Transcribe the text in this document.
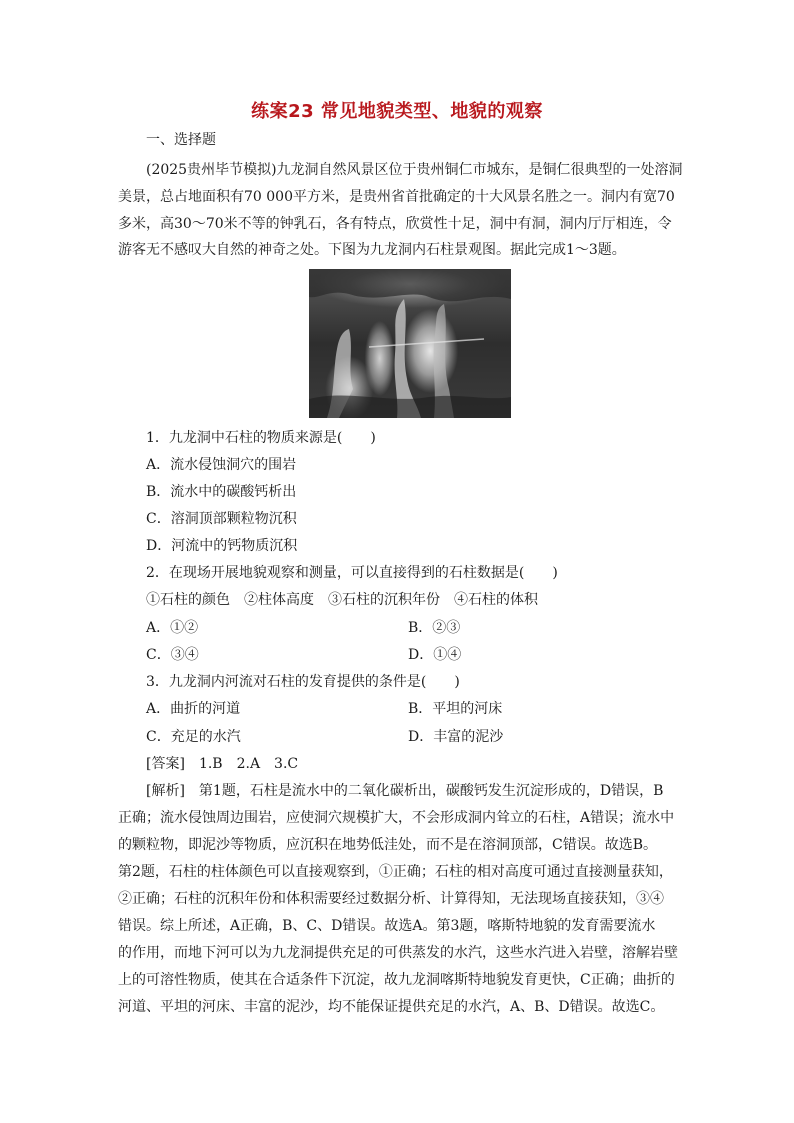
练案23 常见地貌类型、地貌的观察
一、选择题
(2025贵州毕节模拟)九龙洞自然风景区位于贵州铜仁市城东，是铜仁很典型的一处溶洞
美景，总占地面积有70 000平方米，是贵州省首批确定的十大风景名胜之一。洞内有宽70
多米，高30～70米不等的钟乳石，各有特点，欣赏性十足，洞中有洞，洞内厅厅相连，令
游客无不感叹大自然的神奇之处。下图为九龙洞内石柱景观图。据此完成1～3题。
1．九龙洞中石柱的物质来源是(　　)
A．流水侵蚀洞穴的围岩
B．流水中的碳酸钙析出
C．溶洞顶部颗粒物沉积
D．河流中的钙物质沉积
2．在现场开展地貌观察和测量，可以直接得到的石柱数据是(　　)
①石柱的颜色　②柱体高度　③石柱的沉积年份　④石柱的体积
A．①②	B．②③
C．③④	D．①④
3．九龙洞内河流对石柱的发育提供的条件是(　　)
A．曲折的河道	B．平坦的河床
C．充足的水汽	D．丰富的泥沙
[答案]　 1.B　2.A　3.C
[解析]　第1题，石柱是流水中的二氧化碳析出，碳酸钙发生沉淀形成的，D错误，B
正确；流水侵蚀周边围岩，应使洞穴规模扩大，不会形成洞内耸立的石柱，A错误；流水中
的颗粒物，即泥沙等物质，应沉积在地势低洼处，而不是在溶洞顶部，C错误。故选B。
第2题，石柱的柱体颜色可以直接观察到，①正确；石柱的相对高度可通过直接测量获知，
②正确；石柱的沉积年份和体积需要经过数据分析、计算得知，无法现场直接获知，③④
错误。综上所述，A正确，B、C、D错误。故选A。第3题，喀斯特地貌的发育需要流水
的作用，而地下河可以为九龙洞提供充足的可供蒸发的水汽，这些水汽进入岩壁，溶解岩壁
上的可溶性物质，使其在合适条件下沉淀，故九龙洞喀斯特地貌发育更快，C正确；曲折的
河道、平坦的河床、丰富的泥沙，均不能保证提供充足的水汽，A、B、D错误。故选C。
